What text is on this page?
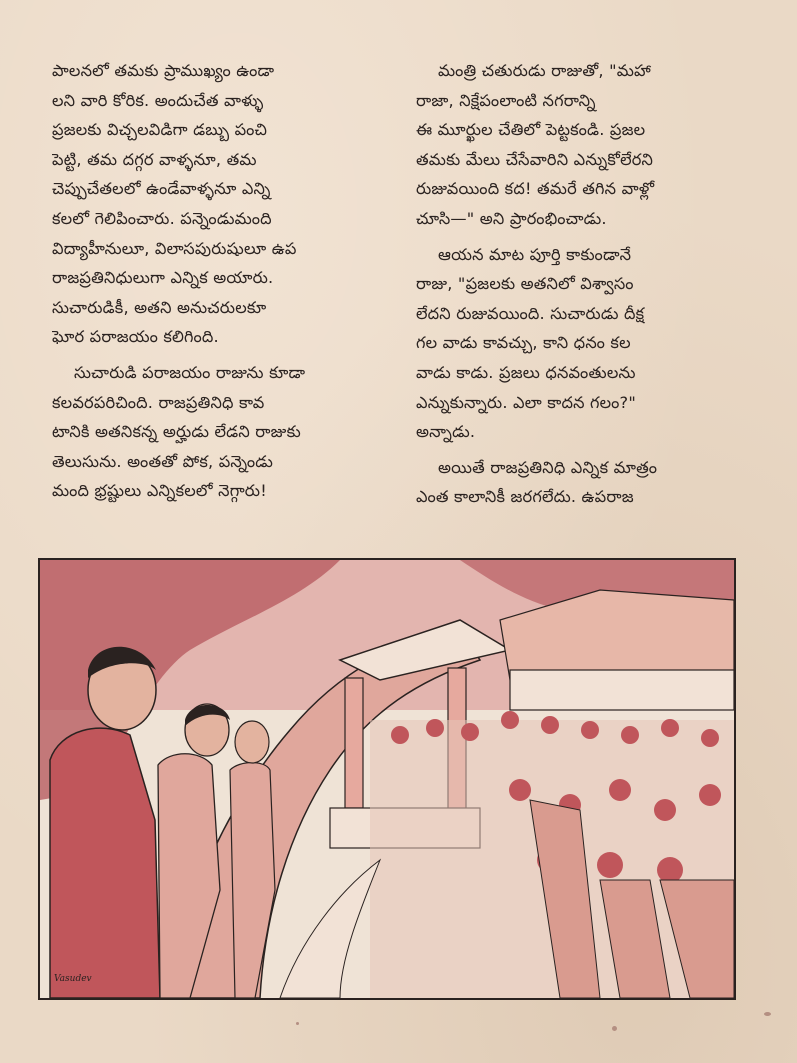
పాలనలో తమకు ప్రాముఖ్యం ఉండా
లని వారి కోరిక. అందుచేత వాళ్ళు
ప్రజలకు విచ్చలవిడిగా డబ్బు పంచి
పెట్టి, తమ దగ్గర వాళ్ళనూ, తమ
చెప్పుచేతలలో ఉండేవాళ్ళనూ ఎన్ని
కలలో గెలిపించారు. పన్నెండుమంది
విద్యాహీనులూ, విలాసపురుషులూ ఉప
రాజప్రతినిధులుగా ఎన్నిక అయారు.
సుచారుడికీ, అతని అనుచరులకూ
ఘోర పరాజయం కలిగింది.
సుచారుడి పరాజయం రాజును కూడా
కలవరపరిచింది. రాజప్రతినిధి కావ
టానికి అతనికన్న అర్హుడు లేడని రాజుకు
తెలుసును. అంతతో పోక, పన్నెండు
మంది భ్రష్టులు ఎన్నికలలో నెగ్గారు!
మంత్రి చతురుడు రాజుతో, "మహా
రాజా, నిక్షేపంలాంటి నగరాన్ని
ఈ మూర్ఖుల చేతిలో పెట్టకండి. ప్రజల
తమకు మేలు చేసేవారిని ఎన్నుకోలేరని
రుజువయింది కద! తమరే తగిన వాళ్లో
చూసి—" అని ప్రారంభించాడు.
ఆయన మాట పూర్తి కాకుండానే
రాజు, "ప్రజలకు అతనిలో విశ్వాసం
లేదని రుజువయింది. సుచారుడు దీక్ష
గల వాడు కావచ్చు, కాని ధనం కల
వాడు కాడు. ప్రజలు ధనవంతులను
ఎన్నుకున్నారు. ఎలా కాదన గలం?"
అన్నాడు.
అయితే రాజప్రతినిధి ఎన్నిక మాత్రం
ఎంత కాలానికీ జరగలేదు. ఉపరాజ
Vasudev
